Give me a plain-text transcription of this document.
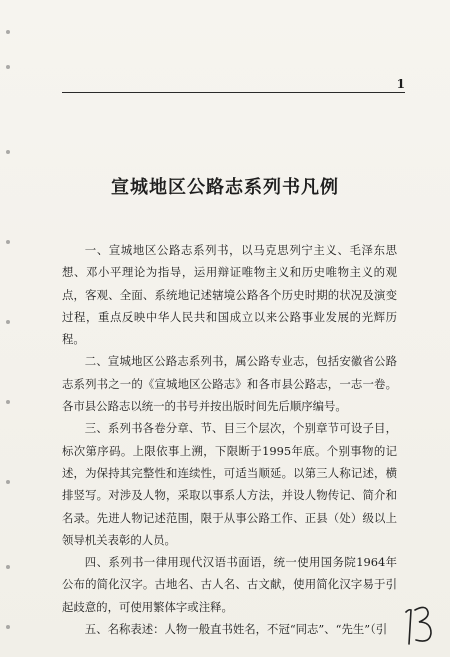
1
宣城地区公路志系列书凡例

一、宣城地区公路志系列书，以马克思列宁主义、毛泽东思想、邓小平理论为指导，运用辩证唯物主义和历史唯物主义的观点，客观、全面、系统地记述辖境公路各个历史时期的状况及演变过程，重点反映中华人民共和国成立以来公路事业发展的光辉历程。

二、宣城地区公路志系列书，属公路专业志，包括安徽省公路志系列书之一的《宣城地区公路志》和各市县公路志，一志一卷。各市县公路志以统一的书号并按出版时间先后顺序编号。

三、系列书各卷分章、节、目三个层次，个别章节可设子目，标次第序码。上限依事上溯，下限断于1995年底。个别事物的记述，为保持其完整性和连续性，可适当顺延。以第三人称记述，横排竖写。对涉及人物，采取以事系人方法，并设人物传记、简介和名录。先进人物记述范围，限于从事公路工作、正县（处）级以上领导机关表彰的人员。

四、系列书一律用现代汉语书面语，统一使用国务院1964年公布的简化汉字。古地名、古人名、古文献，使用简化汉字易于引起歧意的，可使用繁体字或注释。

五、名称表述：人物一般直书姓名，不冠“同志”、“先生”（引
